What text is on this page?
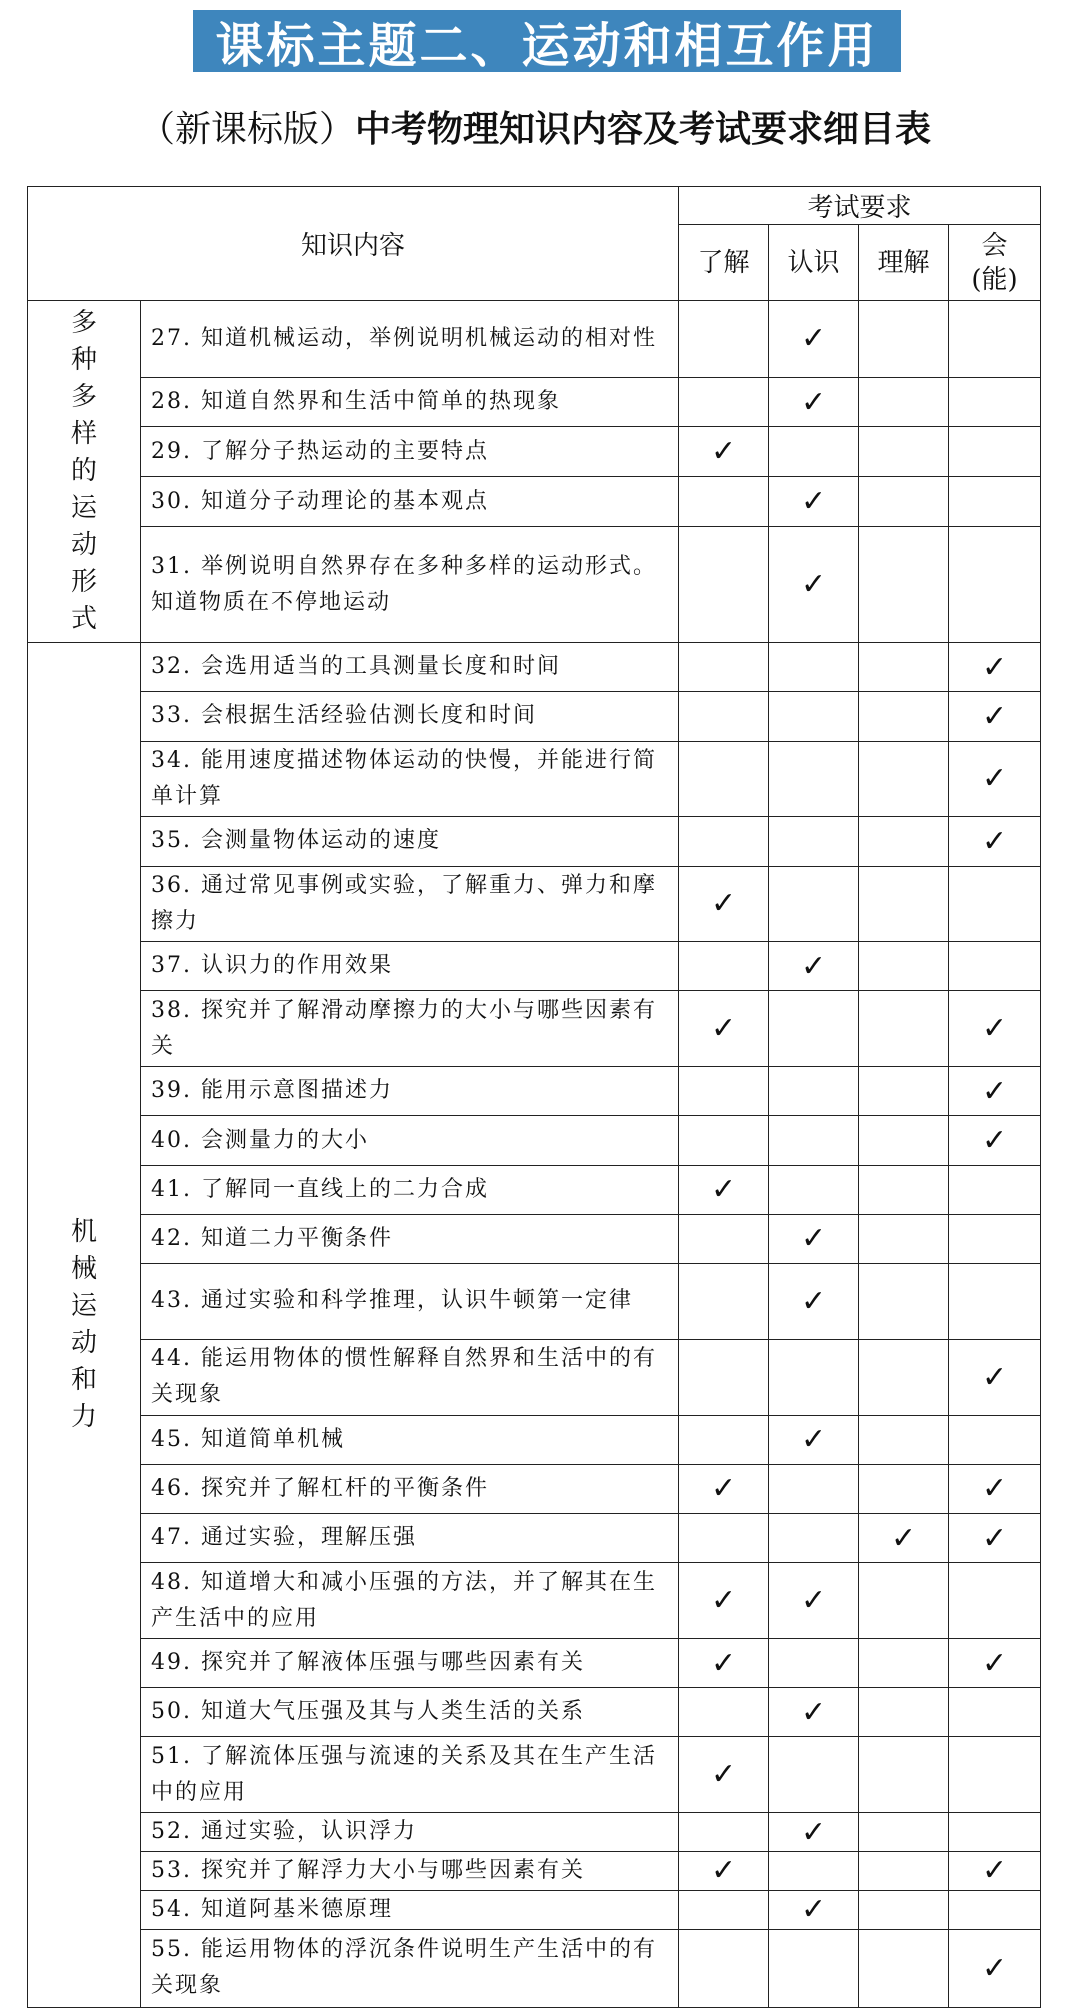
课标主题二、运动和相互作用
（新课标版）中考物理知识内容及考试要求细目表
知识内容		考试要求			
		了解	认识	理解	会
(能)
多种多样的运动形式	27. 知道机械运动，举例说明机械运动的相对性		✓		
	28. 知道自然界和生活中简单的热现象		✓		
	29. 了解分子热运动的主要特点	✓			
	30. 知道分子动理论的基本观点		✓		
	31. 举例说明自然界存在多种多样的运动形式。知道物质在不停地运动		✓		
机械运动和力	32. 会选用适当的工具测量长度和时间				✓
	33. 会根据生活经验估测长度和时间				✓
	34. 能用速度描述物体运动的快慢，并能进行简单计算				✓
	35. 会测量物体运动的速度				✓
	36. 通过常见事例或实验，了解重力、弹力和摩擦力	✓			
	37. 认识力的作用效果		✓		
	38. 探究并了解滑动摩擦力的大小与哪些因素有关	✓			✓
	39. 能用示意图描述力				✓
	40. 会测量力的大小				✓
	41. 了解同一直线上的二力合成	✓			
	42. 知道二力平衡条件		✓		
	43. 通过实验和科学推理，认识牛顿第一定律		✓		
	44. 能运用物体的惯性解释自然界和生活中的有关现象				✓
	45. 知道简单机械		✓		
	46. 探究并了解杠杆的平衡条件	✓			✓
	47. 通过实验，理解压强			✓	✓
	48. 知道增大和减小压强的方法，并了解其在生产生活中的应用	✓	✓		
	49. 探究并了解液体压强与哪些因素有关	✓			✓
	50. 知道大气压强及其与人类生活的关系		✓		
	51. 了解流体压强与流速的关系及其在生产生活中的应用	✓			
	52. 通过实验，认识浮力		✓		
	53. 探究并了解浮力大小与哪些因素有关	✓			✓
	54. 知道阿基米德原理		✓		
	55. 能运用物体的浮沉条件说明生产生活中的有关现象				✓
